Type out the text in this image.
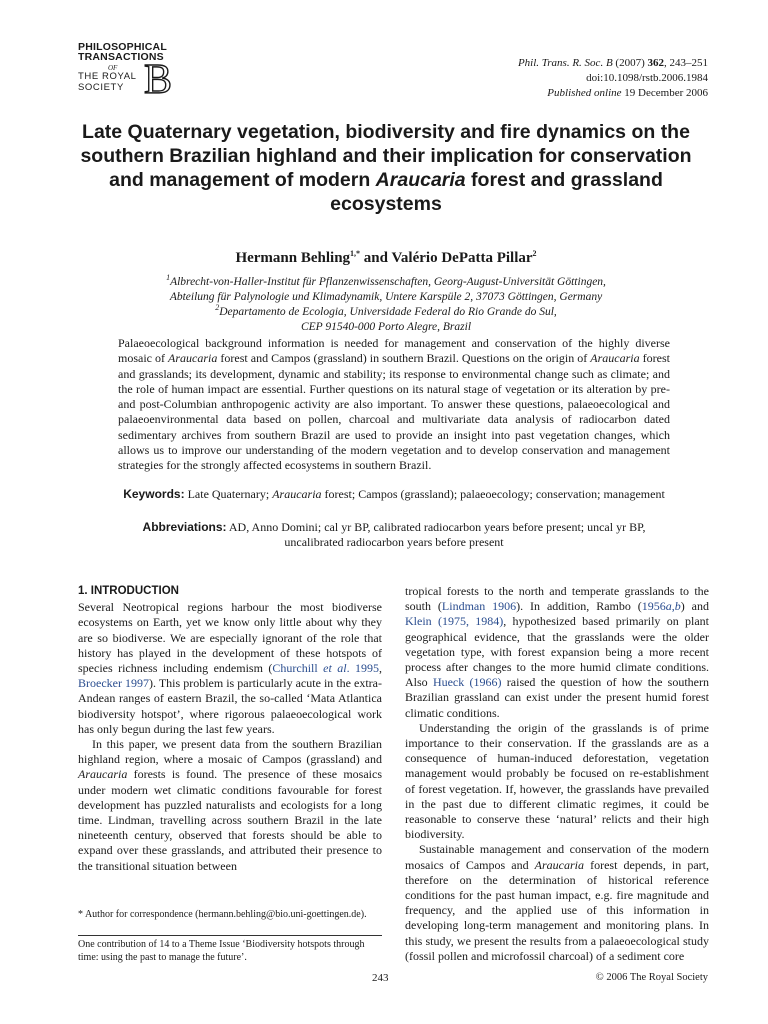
PHILOSOPHICAL
TRANSACTIONS
OF
THE ROYAL
SOCIETY B	Phil. Trans. R. Soc. B (2007) 362, 243–251
doi:10.1098/rstb.2006.1984
Published online 19 December 2006
Late Quaternary vegetation, biodiversity and fire dynamics on the southern Brazilian highland and their implication for conservation and management of modern Araucaria forest and grassland ecosystems
Hermann Behling$^{1,*}$ and Valério DePatta Pillar$^2$
$^1$Albrecht-von-Haller-Institut für Pflanzenwissenschaften, Georg-August-Universität Göttingen,
Abteilung für Palynologie und Klimadynamik, Untere Karspüle 2, 37073 Göttingen, Germany
$^2$Departamento de Ecologia, Universidade Federal do Rio Grande do Sul,
CEP 91540-000 Porto Alegre, Brazil
Palaeoecological background information is needed for management and conservation of the highly diverse mosaic of Araucaria forest and Campos (grassland) in southern Brazil. Questions on the origin of Araucaria forest and grasslands; its development, dynamic and stability; its response to environmental change such as climate; and the role of human impact are essential. Further questions on its natural stage of vegetation or its alteration by pre- and post-Columbian anthropogenic activity are also important. To answer these questions, palaeoecological and palaeoenvironmental data based on pollen, charcoal and multivariate data analysis of radiocarbon dated sedimentary archives from southern Brazil are used to provide an insight into past vegetation changes, which allows us to improve our understanding of the modern vegetation and to develop conservation and management strategies for the strongly affected ecosystems in southern Brazil.
Keywords: Late Quaternary; Araucaria forest; Campos (grassland); palaeoecology; conservation; management
Abbreviations: AD, Anno Domini; cal yr BP, calibrated radiocarbon years before present; uncal yr BP, uncalibrated radiocarbon years before present
1. INTRODUCTION

Several Neotropical regions harbour the most biodiverse ecosystems on Earth, yet we know only little about why they are so biodiverse. We are especially ignorant of the role that history has played in the development of these hotspots of species richness including endemism (Churchill et al. 1995, Broecker 1997). This problem is particularly acute in the extra-Andean ranges of eastern Brazil, the so-called ‘Mata Atlantica biodiversity hotspot’, where rigorous palaeoecological work has only begun during the last few years.

In this paper, we present data from the southern Brazilian highland region, where a mosaic of Campos (grassland) and Araucaria forests is found. The presence of these mosaics under modern wet climatic conditions favourable for forest development has puzzled naturalists and ecologists for a long time. Lindman, travelling across southern Brazil in the late nineteenth century, observed that forests should be able to expand over these grasslands, and attributed their presence to the transitional situation between

tropical forests to the north and temperate grasslands to the south (Lindman 1906). In addition, Rambo (1956a,b) and Klein (1975, 1984), hypothesized based primarily on plant geographical evidence, that the grasslands were the older vegetation type, with forest expansion being a more recent process after changes to the more humid climate conditions. Also Hueck (1966) raised the question of how the southern Brazilian grassland can exist under the present humid forest climatic conditions.

Understanding the origin of the grasslands is of prime importance to their conservation. If the grasslands are as a consequence of human-induced deforestation, vegetation management would probably be focused on re-establishment of forest vegetation. If, however, the grasslands have prevailed in the past due to different climatic regimes, it could be reasonable to conserve these ‘natural’ relicts and their high biodiversity.

Sustainable management and conservation of the modern mosaics of Campos and Araucaria forest depends, in part, therefore on the determination of historical reference conditions for the past human impact, e.g. fire magnitude and frequency, and the applied use of this information in developing long-term management and monitoring plans. In this study, we present the results from a palaeoecological study (fossil pollen and microfossil charcoal) of a sediment core

* Author for correspondence (hermann.behling@bio.uni-goettingen.de).
One contribution of 14 to a Theme Issue ‘Biodiversity hotspots through time: using the past to manage the future’.
243	© 2006 The Royal Society
